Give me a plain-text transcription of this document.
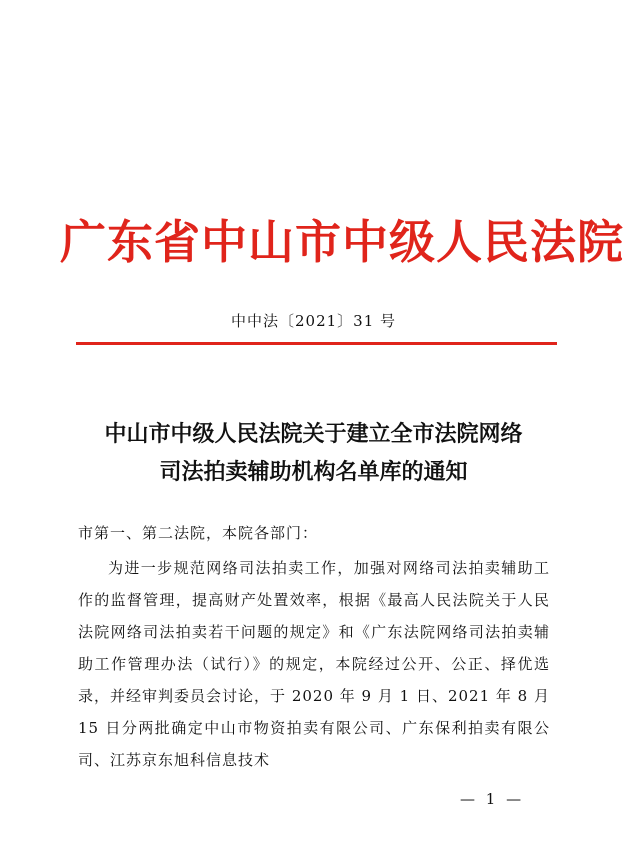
广东省中山市中级人民法院
中中法〔2021〕31 号
中山市中级人民法院关于建立全市法院网络
司法拍卖辅助机构名单库的通知
市第一、第二法院，本院各部门：
为进一步规范网络司法拍卖工作，加强对网络司法拍卖辅助工作的监督管理，提高财产处置效率，根据《最高人民法院关于人民法院网络司法拍卖若干问题的规定》和《广东法院网络司法拍卖辅助工作管理办法（试行）》的规定，本院经过公开、公正、择优选录，并经审判委员会讨论，于 2020 年 9 月 1 日、2021 年 8 月 15 日分两批确定中山市物资拍卖有限公司、广东保利拍卖有限公司、江苏京东旭科信息技术
— 1 —
